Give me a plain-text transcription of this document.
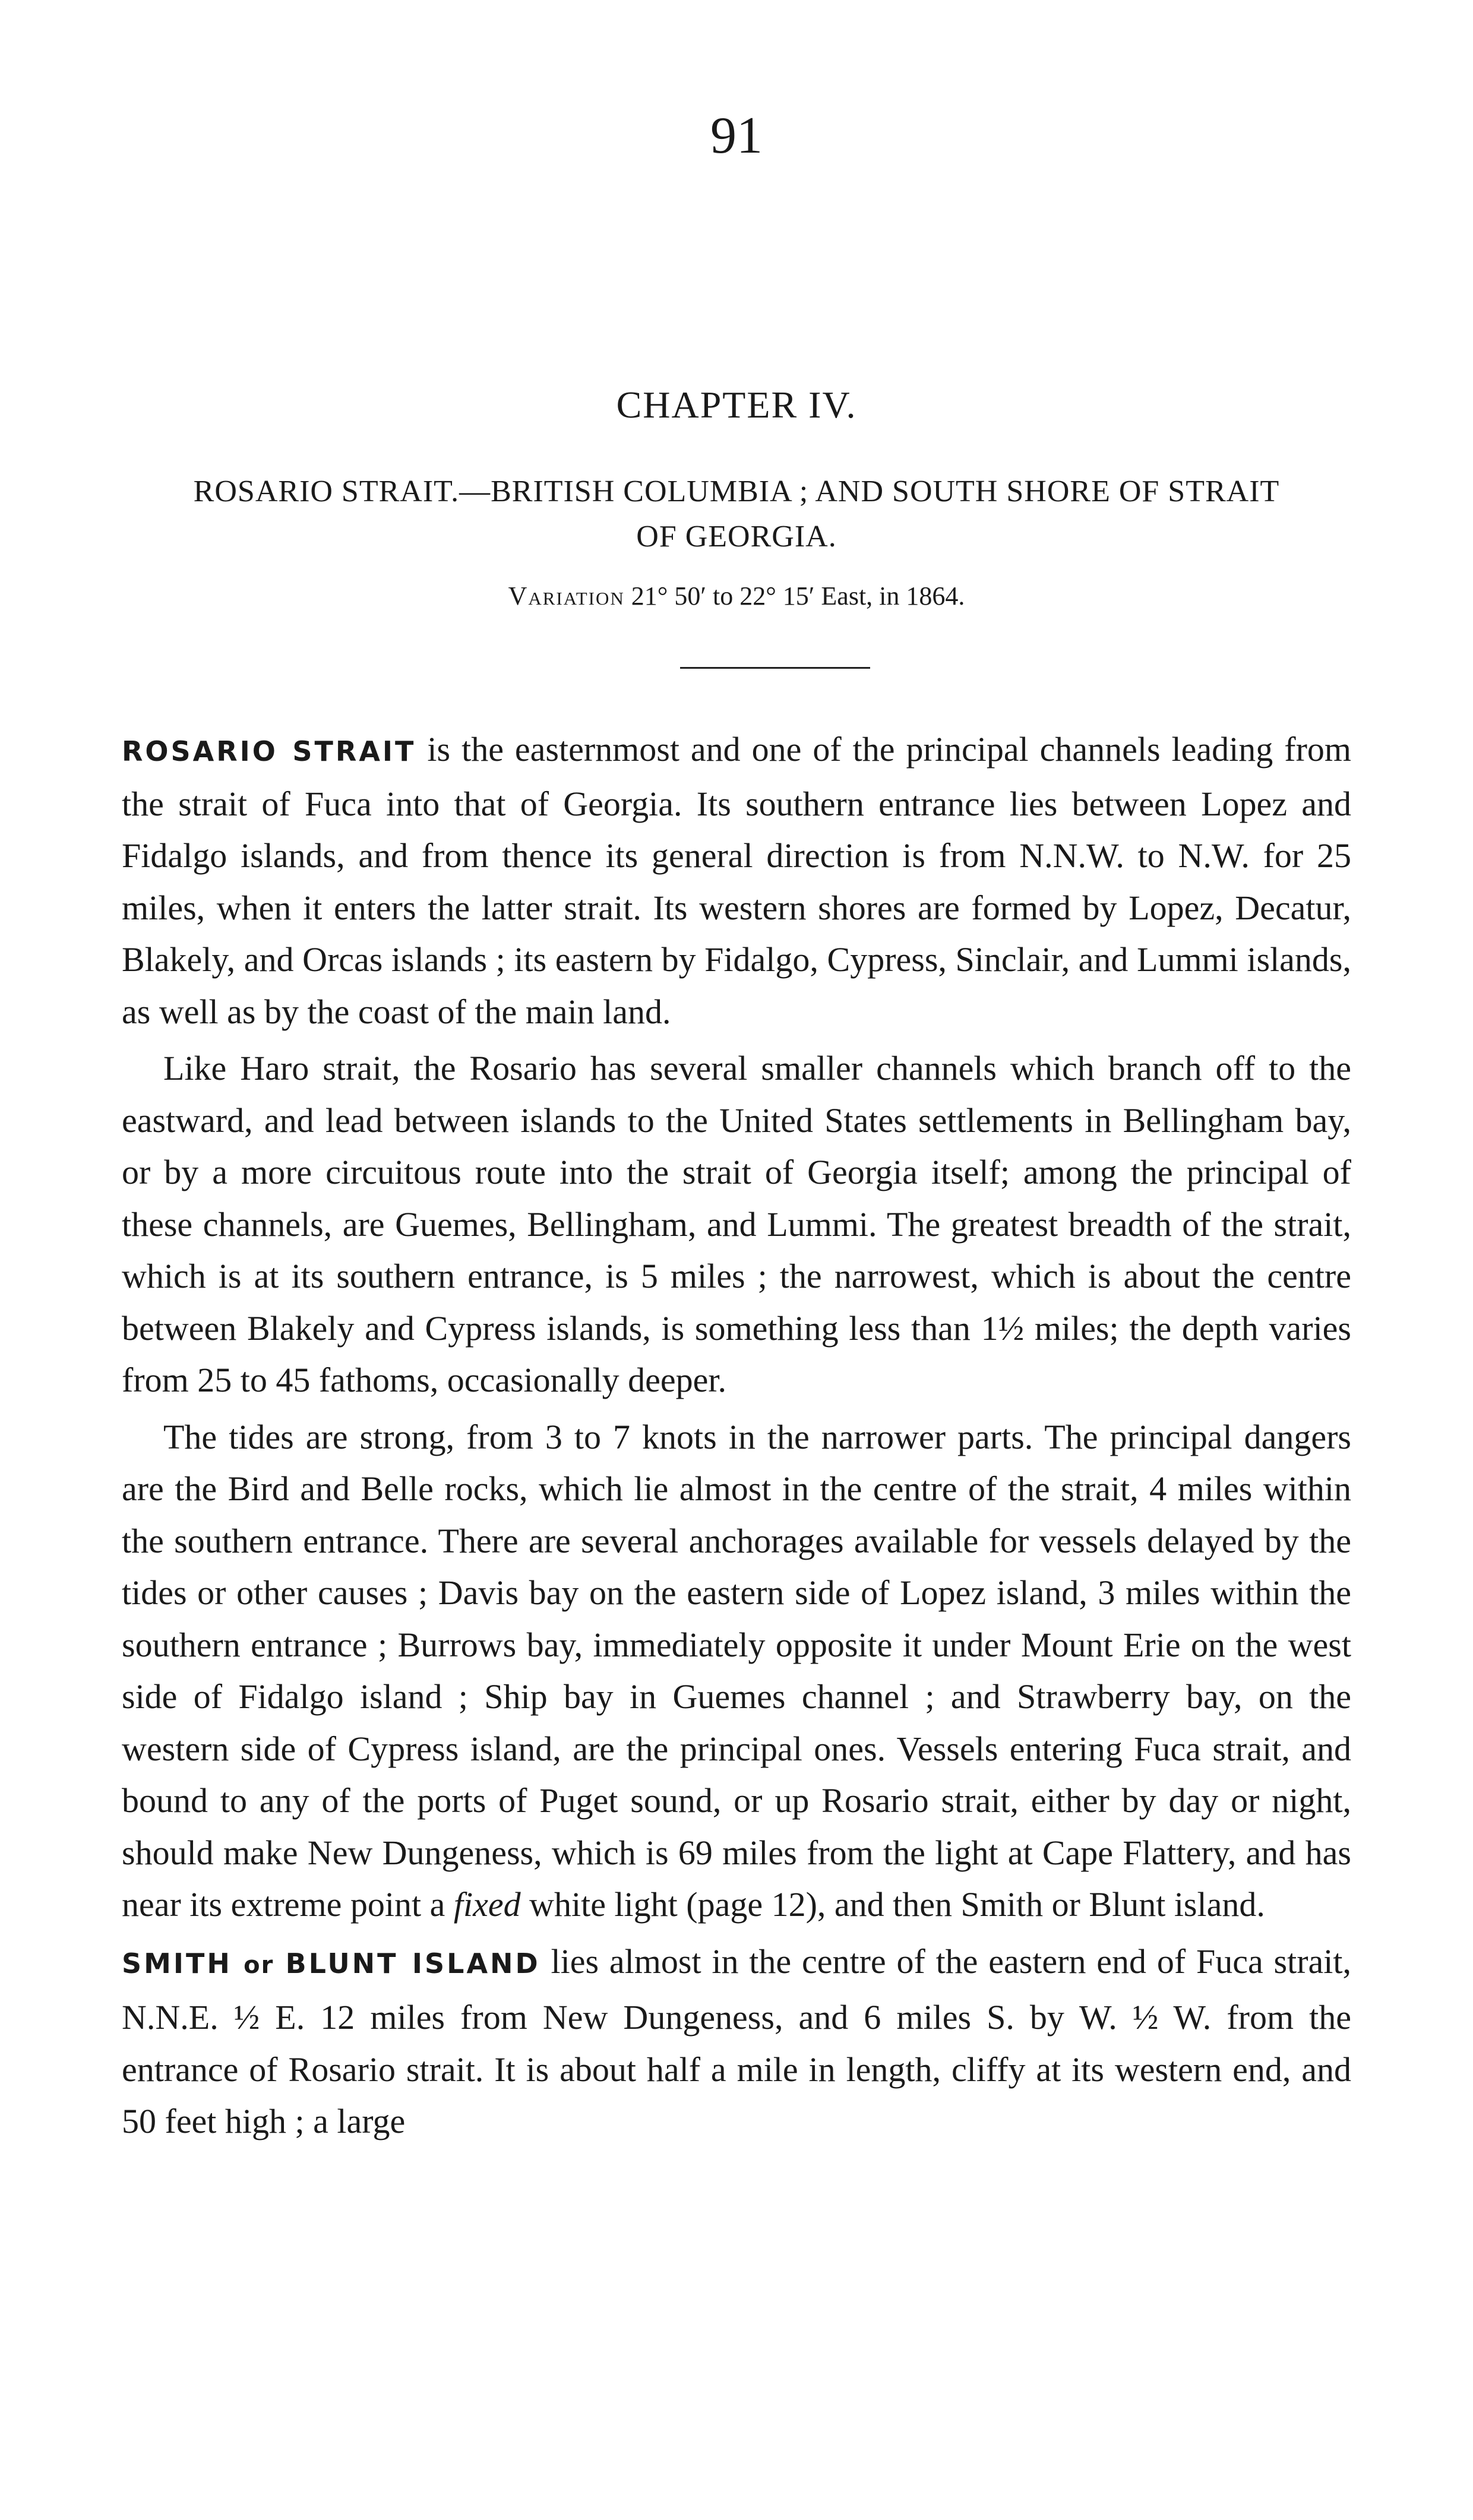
91
CHAPTER IV.
ROSARIO STRAIT.—BRITISH COLUMBIA ; AND SOUTH SHORE OF STRAIT OF GEORGIA.
Variation 21° 50′ to 22° 15′ East, in 1864.

ROSARIO STRAIT is the easternmost and one of the principal channels leading from the strait of Fuca into that of Georgia. Its southern entrance lies between Lopez and Fidalgo islands, and from thence its general direction is from N.N.W. to N.W. for 25 miles, when it enters the latter strait. Its western shores are formed by Lopez, Decatur, Blakely, and Orcas islands ; its eastern by Fidalgo, Cypress, Sinclair, and Lummi islands, as well as by the coast of the main land.

Like Haro strait, the Rosario has several smaller channels which branch off to the eastward, and lead between islands to the United States settlements in Bellingham bay, or by a more circuitous route into the strait of Georgia itself; among the principal of these channels, are Guemes, Bellingham, and Lummi. The greatest breadth of the strait, which is at its southern entrance, is 5 miles ; the narrowest, which is about the centre between Blakely and Cypress islands, is something less than 1½ miles; the depth varies from 25 to 45 fathoms, occasionally deeper.

The tides are strong, from 3 to 7 knots in the narrower parts. The principal dangers are the Bird and Belle rocks, which lie almost in the centre of the strait, 4 miles within the southern entrance. There are several anchorages available for vessels delayed by the tides or other causes ; Davis bay on the eastern side of Lopez island, 3 miles within the southern entrance ; Burrows bay, immediately opposite it under Mount Erie on the west side of Fidalgo island ; Ship bay in Guemes channel ; and Strawberry bay, on the western side of Cypress island, are the principal ones. Vessels entering Fuca strait, and bound to any of the ports of Puget sound, or up Rosario strait, either by day or night, should make New Dungeness, which is 69 miles from the light at Cape Flattery, and has near its extreme point a fixed white light (page 12), and then Smith or Blunt island.

SMITH or BLUNT ISLAND lies almost in the centre of the eastern end of Fuca strait, N.N.E. ½ E. 12 miles from New Dungeness, and 6 miles S. by W. ½ W. from the entrance of Rosario strait. It is about half a mile in length, cliffy at its western end, and 50 feet high ; a large
